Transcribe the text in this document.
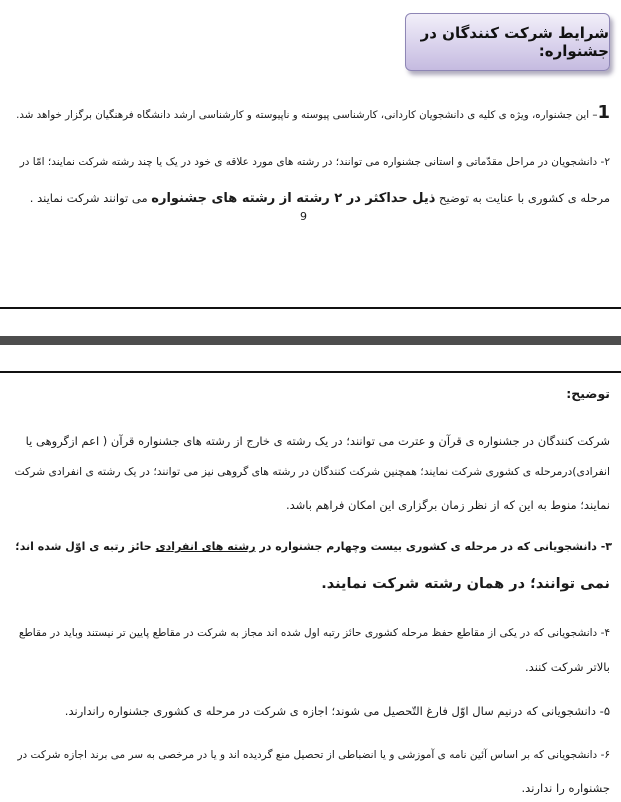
شرایط شرکت کنندگان در جشنواره:
1– این جشنواره، ویژه ی کلیه ی دانشجویان کاردانی، کارشناسی پیوسته و ناپیوسته و کارشناسی ارشد دانشگاه فرهنگیان برگزار خواهد شد.
۲- دانشجویان در مراحل مقدّماتی و استانی جشنواره می توانند؛ در رشته های مورد علاقه ی خود در یک یا چند رشته شرکت نمایند؛ امّا در
مرحله ی کشوری با عنایت به توضیح ذیل حداکثر در ۲ رشته از رشته های جشنواره می توانند شرکت نمایند .
9
توضیح:
شرکت کنندگان در جشنواره ی قرآن و عترت می توانند؛ در یک رشته ی خارج از رشته های جشنواره قرآن ( اعم ازگروهی یا
انفرادی)درمرحله ی کشوری شرکت نمایند؛ همچنین شرکت کنندگان در رشته های گروهی نیز می توانند؛ در یک رشته ی انفرادی شرکت
نمایند؛ منوط به این که از نظر زمان برگزاری این امکان فراهم باشد.
۳- دانشجویانی که در مرحله ی کشوری بیست وچهارم جشنواره در رشته های انفرادی حائز رتبه ی اوّل شده اند؛
نمی توانند؛ در همان رشته شرکت نمایند.
۴- دانشجویانی که در یکی از مقاطع حفظ مرحله کشوری حائز رتبه اول شده اند مجاز به شرکت در مقاطع پایین تر نیستند وباید در مقاطع
بالاتر شرکت کنند.
۵- دانشجویانی که درنیم سال اوّل فارغ التّحصیل می شوند؛ اجازه ی شرکت در مرحله ی کشوری جشنواره راندارند.
۶- دانشجویانی که بر اساس آئین نامه ی آموزشی و یا انضباطی از تحصیل منع گردیده اند و یا در مرخصی به سر می برند اجازه شرکت در
جشنواره را ندارند.
